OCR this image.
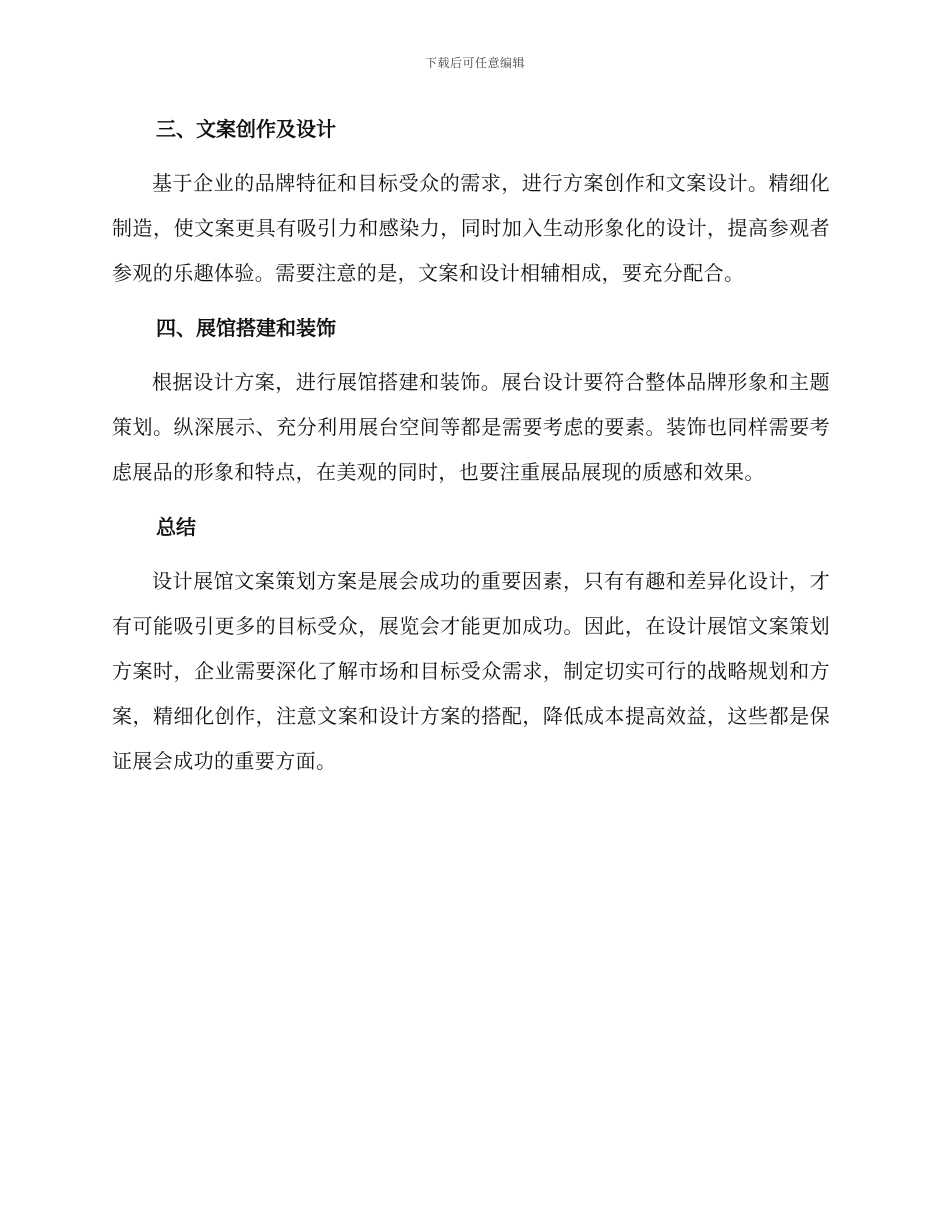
下载后可任意编辑
三、文案创作及设计
基于企业的品牌特征和目标受众的需求，进行方案创作和文案设计。精细化制造，使文案更具有吸引力和感染力，同时加入生动形象化的设计，提高参观者参观的乐趣体验。需要注意的是，文案和设计相辅相成，要充分配合。
四、展馆搭建和装饰
根据设计方案，进行展馆搭建和装饰。展台设计要符合整体品牌形象和主题策划。纵深展示、充分利用展台空间等都是需要考虑的要素。装饰也同样需要考虑展品的形象和特点，在美观的同时，也要注重展品展现的质感和效果。
总结
设计展馆文案策划方案是展会成功的重要因素，只有有趣和差异化设计，才有可能吸引更多的目标受众，展览会才能更加成功。因此，在设计展馆文案策划方案时，企业需要深化了解市场和目标受众需求，制定切实可行的战略规划和方案，精细化创作，注意文案和设计方案的搭配，降低成本提高效益，这些都是保证展会成功的重要方面。
